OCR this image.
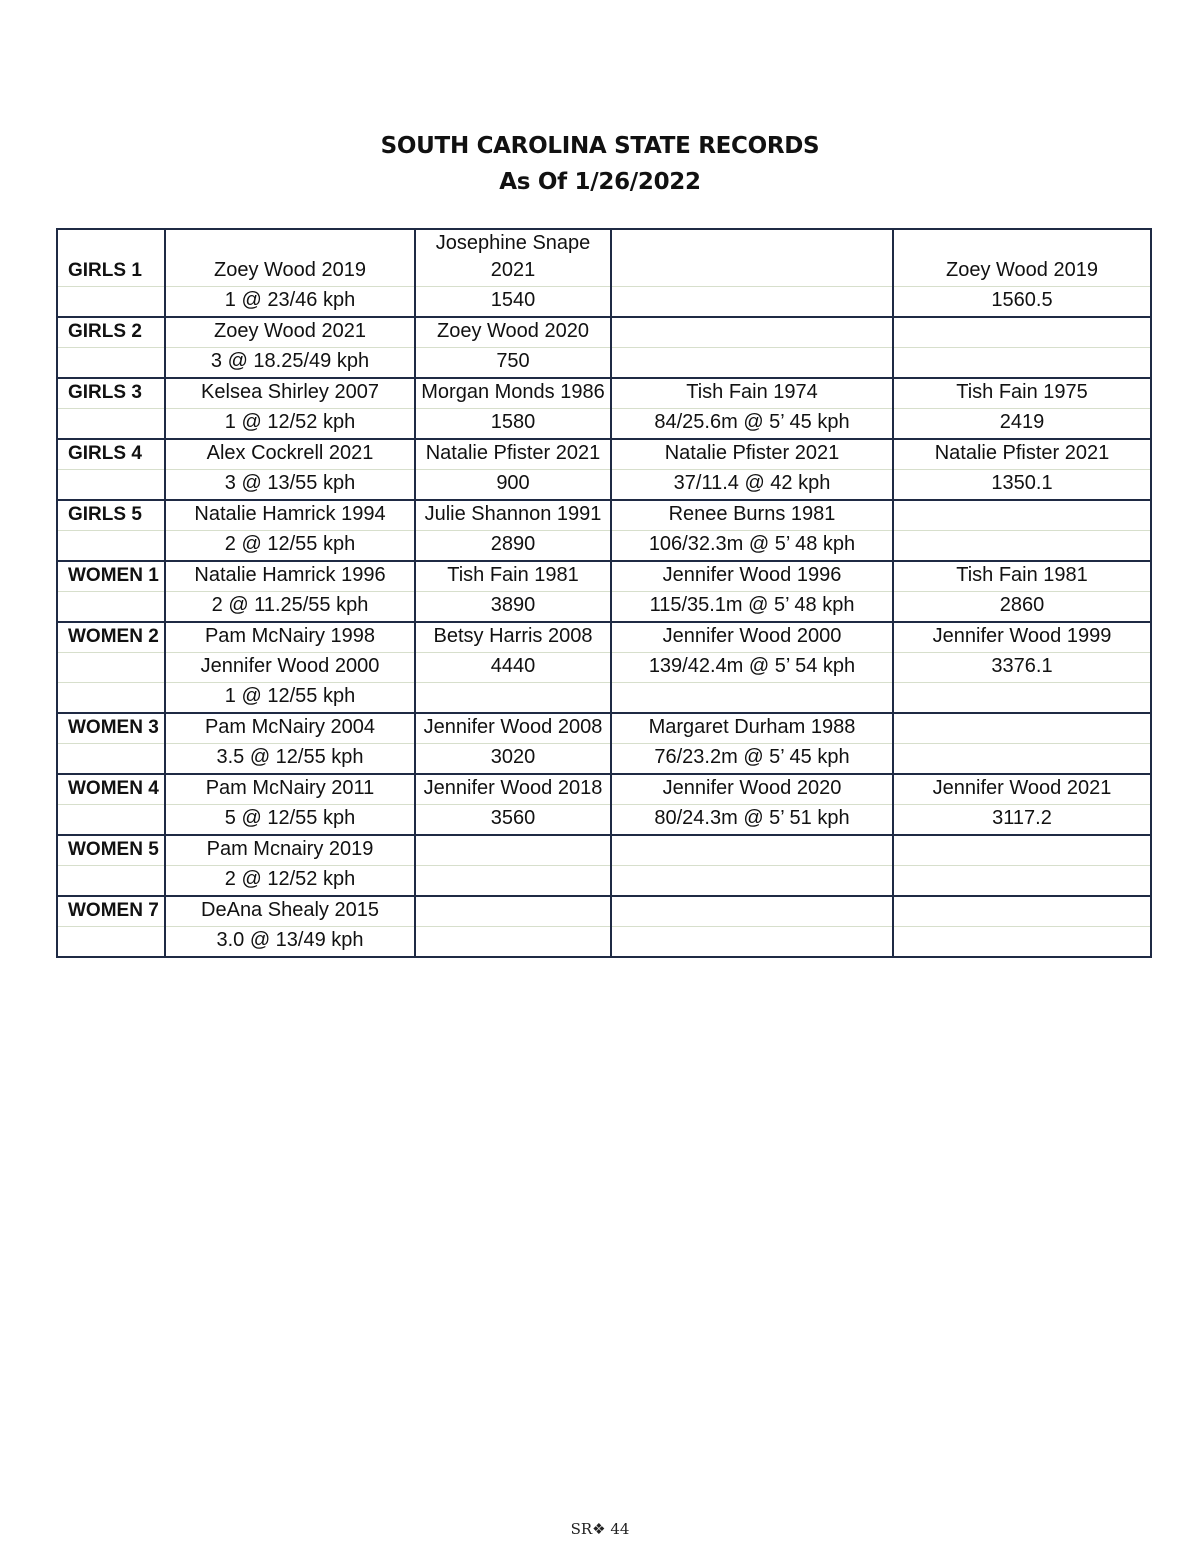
SOUTH CAROLINA STATE RECORDS
As Of 1/26/2022
GIRLS 1	Zoey Wood 2019	Josephine Snape 2021		Zoey Wood 2019
	1 @ 23/46 kph	1540		1560.5
GIRLS 2	Zoey Wood 2021	Zoey Wood 2020		
	3 @ 18.25/49 kph	750		
GIRLS 3	Kelsea Shirley 2007	Morgan Monds 1986	Tish Fain 1974	Tish Fain 1975
	1 @ 12/52 kph	1580	84/25.6m @ 5’ 45 kph	2419
GIRLS 4	Alex Cockrell 2021	Natalie Pfister 2021	Natalie Pfister 2021	Natalie Pfister 2021
	3 @ 13/55 kph	900	37/11.4 @ 42 kph	1350.1
GIRLS 5	Natalie Hamrick 1994	Julie Shannon 1991	Renee Burns 1981	
	2 @ 12/55 kph	2890	106/32.3m @ 5’ 48 kph	
WOMEN 1	Natalie Hamrick 1996	Tish Fain 1981	Jennifer Wood 1996	Tish Fain 1981
	2 @ 11.25/55 kph	3890	115/35.1m @ 5’ 48 kph	2860
WOMEN 2	Pam McNairy 1998	Betsy Harris 2008	Jennifer Wood 2000	Jennifer Wood 1999
	Jennifer Wood 2000	4440	139/42.4m @ 5’ 54 kph	3376.1
	1 @ 12/55 kph			
WOMEN 3	Pam McNairy 2004	Jennifer Wood 2008	Margaret Durham 1988	
	3.5 @ 12/55 kph	3020	76/23.2m @ 5’ 45 kph	
WOMEN 4	Pam McNairy 2011	Jennifer Wood 2018	Jennifer Wood 2020	Jennifer Wood 2021
	5 @ 12/55 kph	3560	80/24.3m @ 5’ 51 kph	3117.2
WOMEN 5	Pam Mcnairy 2019			
	2 @ 12/52 kph			
WOMEN 7	DeAna Shealy 2015			
	3.0 @ 13/49 kph			
SR❖ 44
